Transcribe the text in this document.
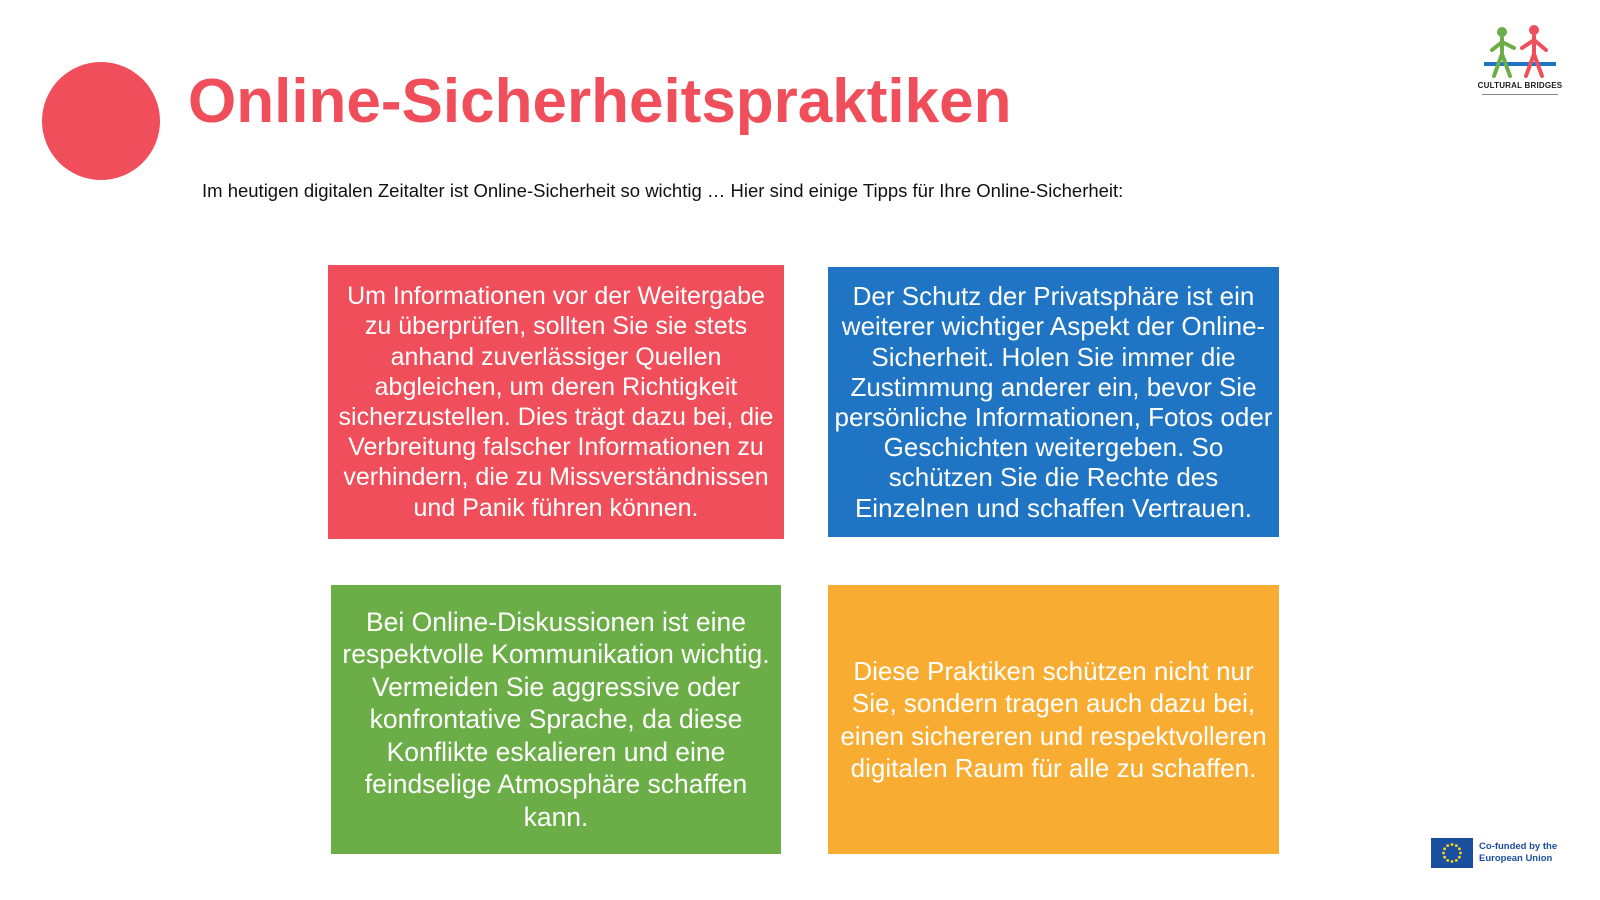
Online-Sicherheitspraktiken

Im heutigen digitalen Zeitalter ist Online-Sicherheit so wichtig … Hier sind einige Tipps für Ihre Online-Sicherheit:

Um Informationen vor der Weitergabe zu überprüfen, sollten Sie sie stets anhand zuverlässiger Quellen abgleichen, um deren Richtigkeit sicherzustellen. Dies trägt dazu bei, die Verbreitung falscher Informationen zu verhindern, die zu Missverständnissen und Panik führen können.

Der Schutz der Privatsphäre ist ein weiterer wichtiger Aspekt der Online-Sicherheit. Holen Sie immer die Zustimmung anderer ein, bevor Sie persönliche Informationen, Fotos oder Geschichten weitergeben. So schützen Sie die Rechte des Einzelnen und schaffen Vertrauen.

Bei Online-Diskussionen ist eine respektvolle Kommunikation wichtig. Vermeiden Sie aggressive oder konfrontative Sprache, da diese Konflikte eskalieren und eine feindselige Atmosphäre schaffen kann.

Diese Praktiken schützen nicht nur Sie, sondern tragen auch dazu bei, einen sichereren und respektvolleren digitalen Raum für alle zu schaffen.

CULTURAL BRIDGES
Co-funded by the European Union
